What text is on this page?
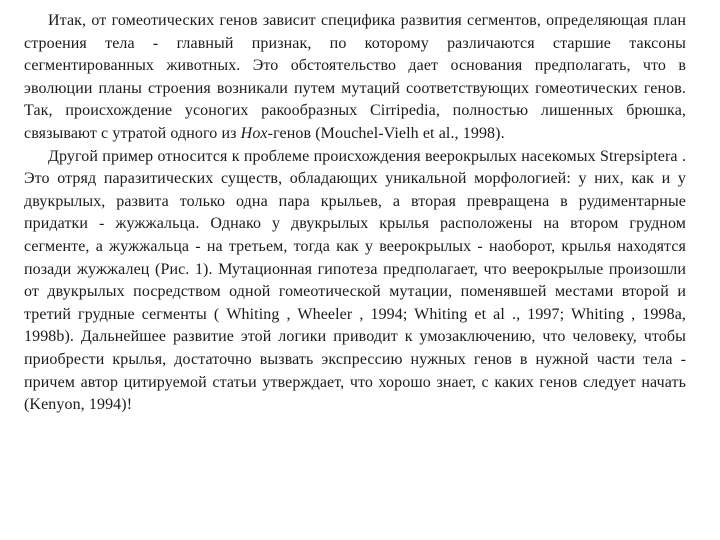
Итак, от гомеотических генов зависит специфика развития сегментов, определяющая план строения тела - главный признак, по которому различаются старшие таксоны сегментированных животных. Это обстоятельство дает основания предполагать, что в эволюции планы строения возникали путем мутаций соответствующих гомеотических генов. Так, происхождение усоногих ракообразных Cirripedia, полностью лишенных брюшка, связывают с утратой одного из Hox-генов (Mouchel-Vielh et al., 1998).

Другой пример относится к проблеме происхождения веерокрылых насекомых Strepsiptera . Это отряд паразитических существ, обладающих уникальной морфологией: у них, как и у двукрылых, развита только одна пара крыльев, а вторая превращена в рудиментарные придатки - жужжальца. Однако у двукрылых крылья расположены на втором грудном сегменте, а жужжальца - на третьем, тогда как у веерокрылых - наоборот, крылья находятся позади жужжалец (Рис. 1). Мутационная гипотеза предполагает, что веерокрылые произошли от двукрылых посредством одной гомеотической мутации, поменявшей местами второй и третий грудные сегменты ( Whiting , Wheeler , 1994; Whiting et al ., 1997; Whiting , 1998a, 1998b). Дальнейшее развитие этой логики приводит к умозаключению, что человеку, чтобы приобрести крылья, достаточно вызвать экспрессию нужных генов в нужной части тела - причем автор цитируемой статьи утверждает, что хорошо знает, с каких генов следует начать (Kenyon, 1994)!
